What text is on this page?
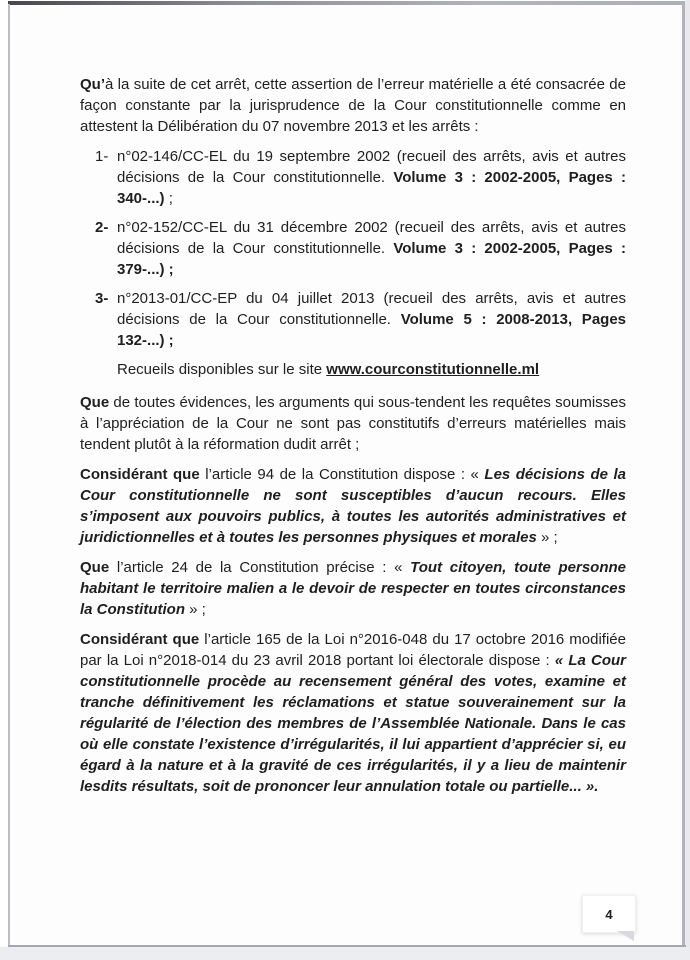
Qu’à la suite de cet arrêt, cette assertion de l’erreur matérielle a été consacrée de façon constante par la jurisprudence de la Cour constitutionnelle comme en attestent la Délibération du 07 novembre 2013 et les arrêts :
1- n°02-146/CC-EL du 19 septembre 2002 (recueil des arrêts, avis et autres décisions de la Cour constitutionnelle. Volume 3 : 2002-2005, Pages : 340-...) ;
2- n°02-152/CC-EL du 31 décembre 2002 (recueil des arrêts, avis et autres décisions de la Cour constitutionnelle. Volume 3 : 2002-2005, Pages : 379-...) ;
3- n°2013-01/CC-EP du 04 juillet 2013 (recueil des arrêts, avis et autres décisions de la Cour constitutionnelle. Volume 5 : 2008-2013, Pages 132-...) ;
Recueils disponibles sur le site www.courconstitutionnelle.ml
Que de toutes évidences, les arguments qui sous-tendent les requêtes soumisses à l’appréciation de la Cour ne sont pas constitutifs d’erreurs matérielles mais tendent plutôt à la réformation dudit arrêt ;
Considérant que l’article 94 de la Constitution dispose : « Les décisions de la Cour constitutionnelle ne sont susceptibles d’aucun recours. Elles s’imposent aux pouvoirs publics, à toutes les autorités administratives et juridictionnelles et à toutes les personnes physiques et morales » ;
Que l’article 24 de la Constitution précise : « Tout citoyen, toute personne habitant le territoire malien a le devoir de respecter en toutes circonstances la Constitution » ;
Considérant que l’article 165 de la Loi n°2016-048 du 17 octobre 2016 modifiée par la Loi n°2018-014 du 23 avril 2018 portant loi électorale dispose : « La Cour constitutionnelle procède au recensement général des votes, examine et tranche définitivement les réclamations et statue souverainement sur la régularité de l’élection des membres de l’Assemblée Nationale. Dans le cas où elle constate l’existence d’irrégularités, il lui appartient d’apprécier si, eu égard à la nature et à la gravité de ces irrégularités, il y a lieu de maintenir lesdits résultats, soit de prononcer leur annulation totale ou partielle... ».
4
